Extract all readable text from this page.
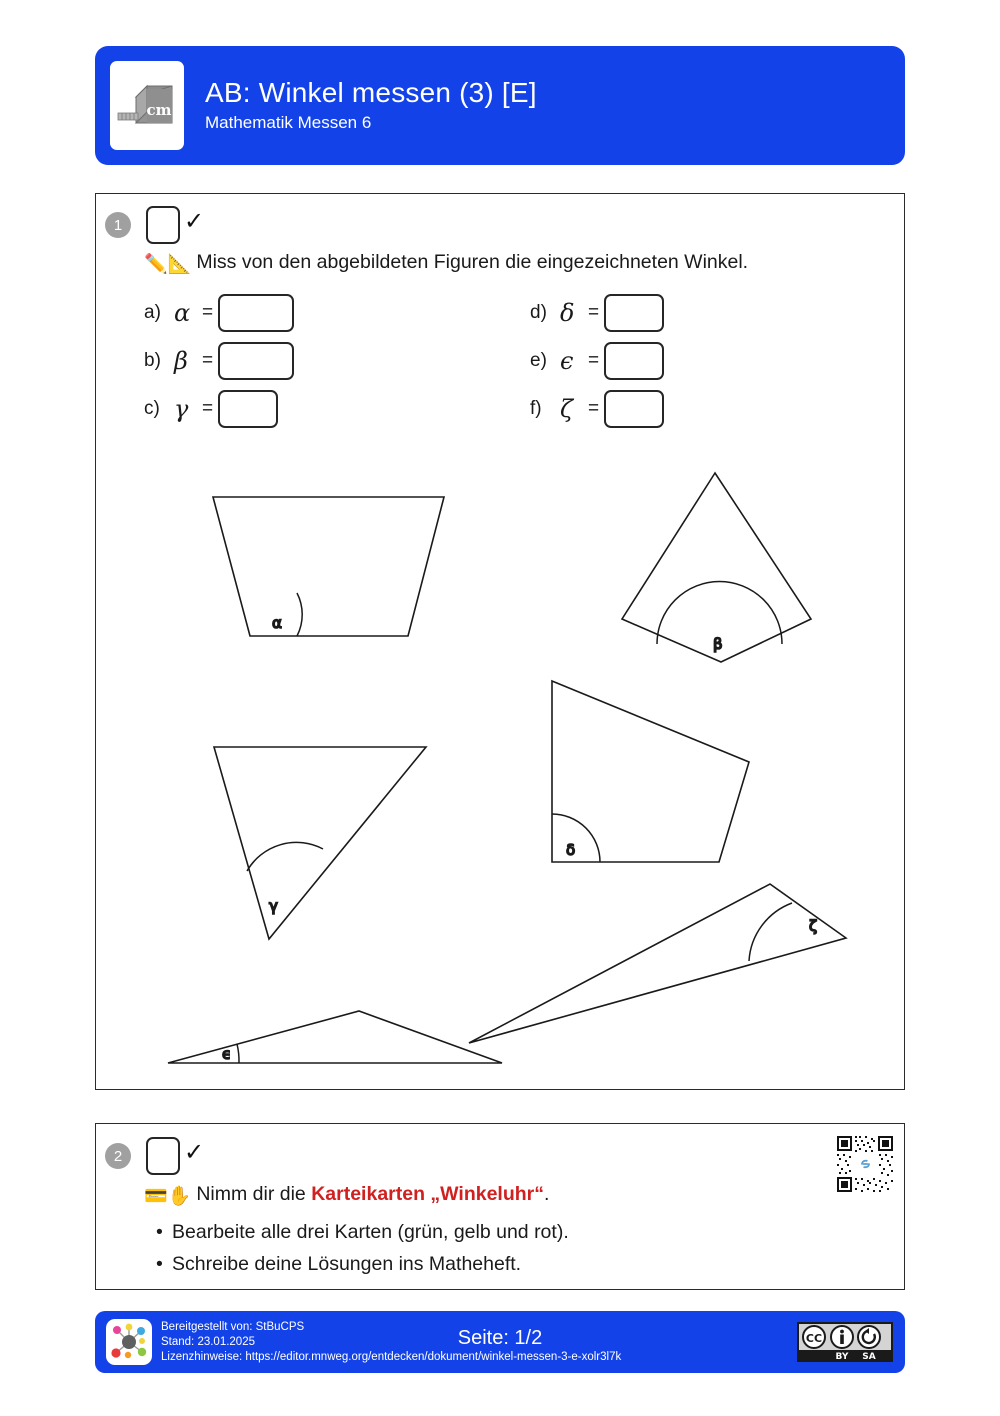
cm
AB: Winkel messen (3) [E]
Mathematik Messen 6
1	✓
✏️📐 Miss von den abgebildeten Figuren die eingezeichneten Winkel.
a) α =
b) β =
c) γ =
d) δ =
e) ϵ =
f) ζ =
α
β
γ
δ
ϵ
ζ
2	✓
💳✋ Nimm dir die Karteikarten „Winkeluhr“.
• Bearbeite alle drei Karten (grün, gelb und rot).
• Schreibe deine Lösungen ins Matheheft.
Bereitgestellt von: StBuCPS
Stand: 23.01.2025
Lizenzhinweise: https://editor.mnweg.org/entdecken/dokument/winkel-messen-3-e-xolr3l7k
Seite: 1/2	CC
BY SA
